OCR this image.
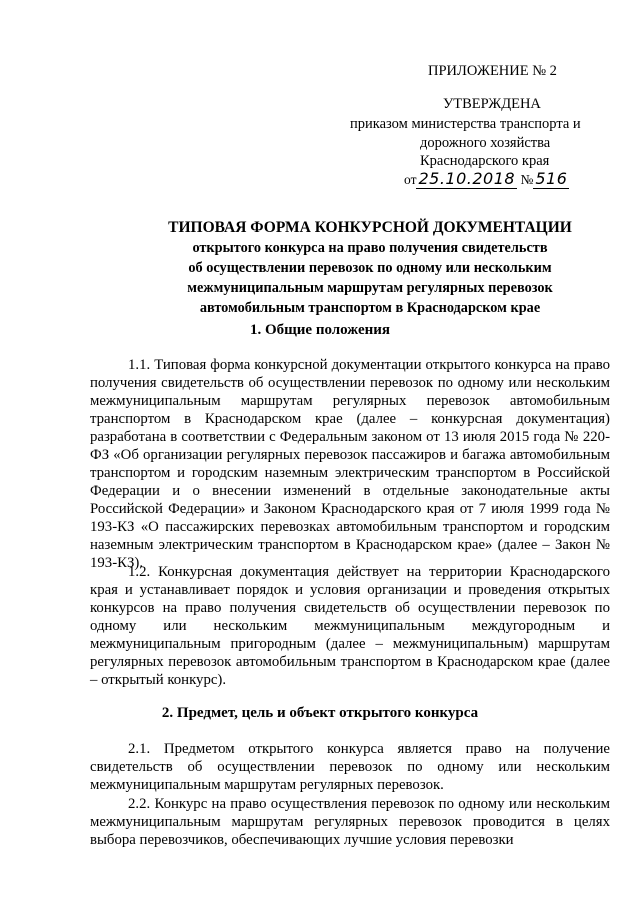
ПРИЛОЖЕНИЕ № 2
УТВЕРЖДЕНА
приказом министерства транспорта и
дорожного хозяйства
Краснодарского края
от 25.10.2018 № 516
ТИПОВАЯ ФОРМА КОНКУРСНОЙ ДОКУМЕНТАЦИИ
открытого конкурса на право получения свидетельств
об осуществлении перевозок по одному или нескольким
межмуниципальным маршрутам регулярных перевозок
автомобильным транспортом в Краснодарском крае
1. Общие положения
1.1. Типовая форма конкурсной документации открытого конкурса на право получения свидетельств об осуществлении перевозок по одному или нескольким межмуниципальным маршрутам регулярных перевозок автомобильным транспортом в Краснодарском крае (далее – конкурсная документация) разработана в соответствии с Федеральным законом от 13 июля 2015 года № 220-ФЗ «Об организации регулярных перевозок пассажиров и багажа автомобильным транспортом и городским наземным электрическим транспортом в Российской Федерации и о внесении изменений в отдельные законодательные акты Российской Федерации» и Законом Краснодарского края от 7 июля 1999 года № 193-КЗ «О пассажирских перевозках автомобильным транспортом и городским наземным электрическим транспортом в Краснодарском крае» (далее – Закон № 193-КЗ).
1.2. Конкурсная документация действует на территории Краснодарского края и устанавливает порядок и условия организации и проведения открытых конкурсов на право получения свидетельств об осуществлении перевозок по одному или нескольким межмуниципальным междугородным и межмуниципальным пригородным (далее – межмуниципальным) маршрутам регулярных перевозок автомобильным транспортом в Краснодарском крае (далее – открытый конкурс).
2. Предмет, цель и объект открытого конкурса
2.1. Предметом открытого конкурса является право на получение свидетельств об осуществлении перевозок по одному или нескольким межмуниципальным маршрутам регулярных перевозок.
2.2. Конкурс на право осуществления перевозок по одному или нескольким межмуниципальным маршрутам регулярных перевозок проводится в целях выбора перевозчиков, обеспечивающих лучшие условия перевозки
